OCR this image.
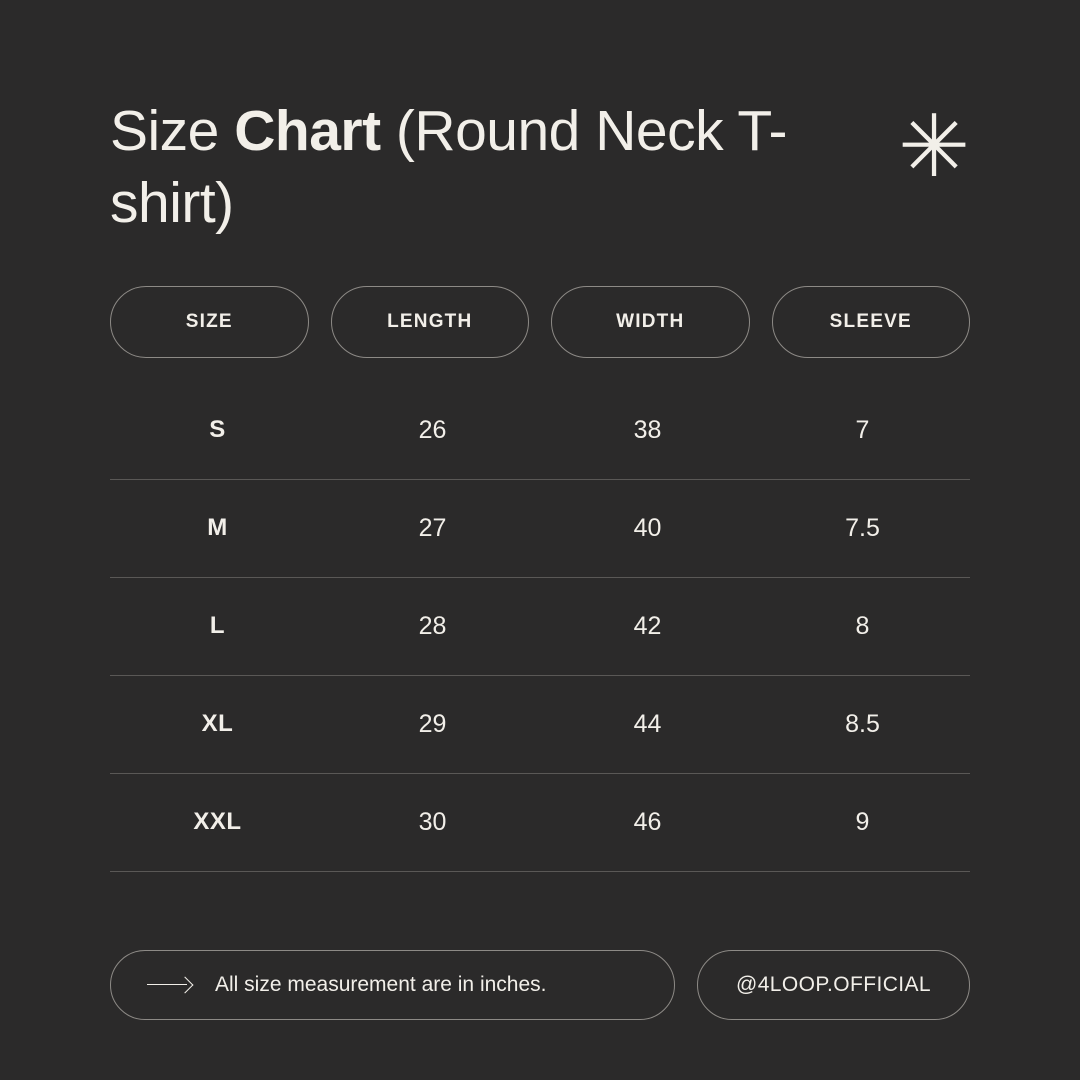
Size Chart (Round Neck T-shirt)
✳
SIZE	LENGTH	WIDTH	SLEEVE
S	26	38	7
M	27	40	7.5
L	28	42	8
XL	29	44	8.5
XXL	30	46	9
All size measurement are in inches.	@4LOOP.OFFICIAL
